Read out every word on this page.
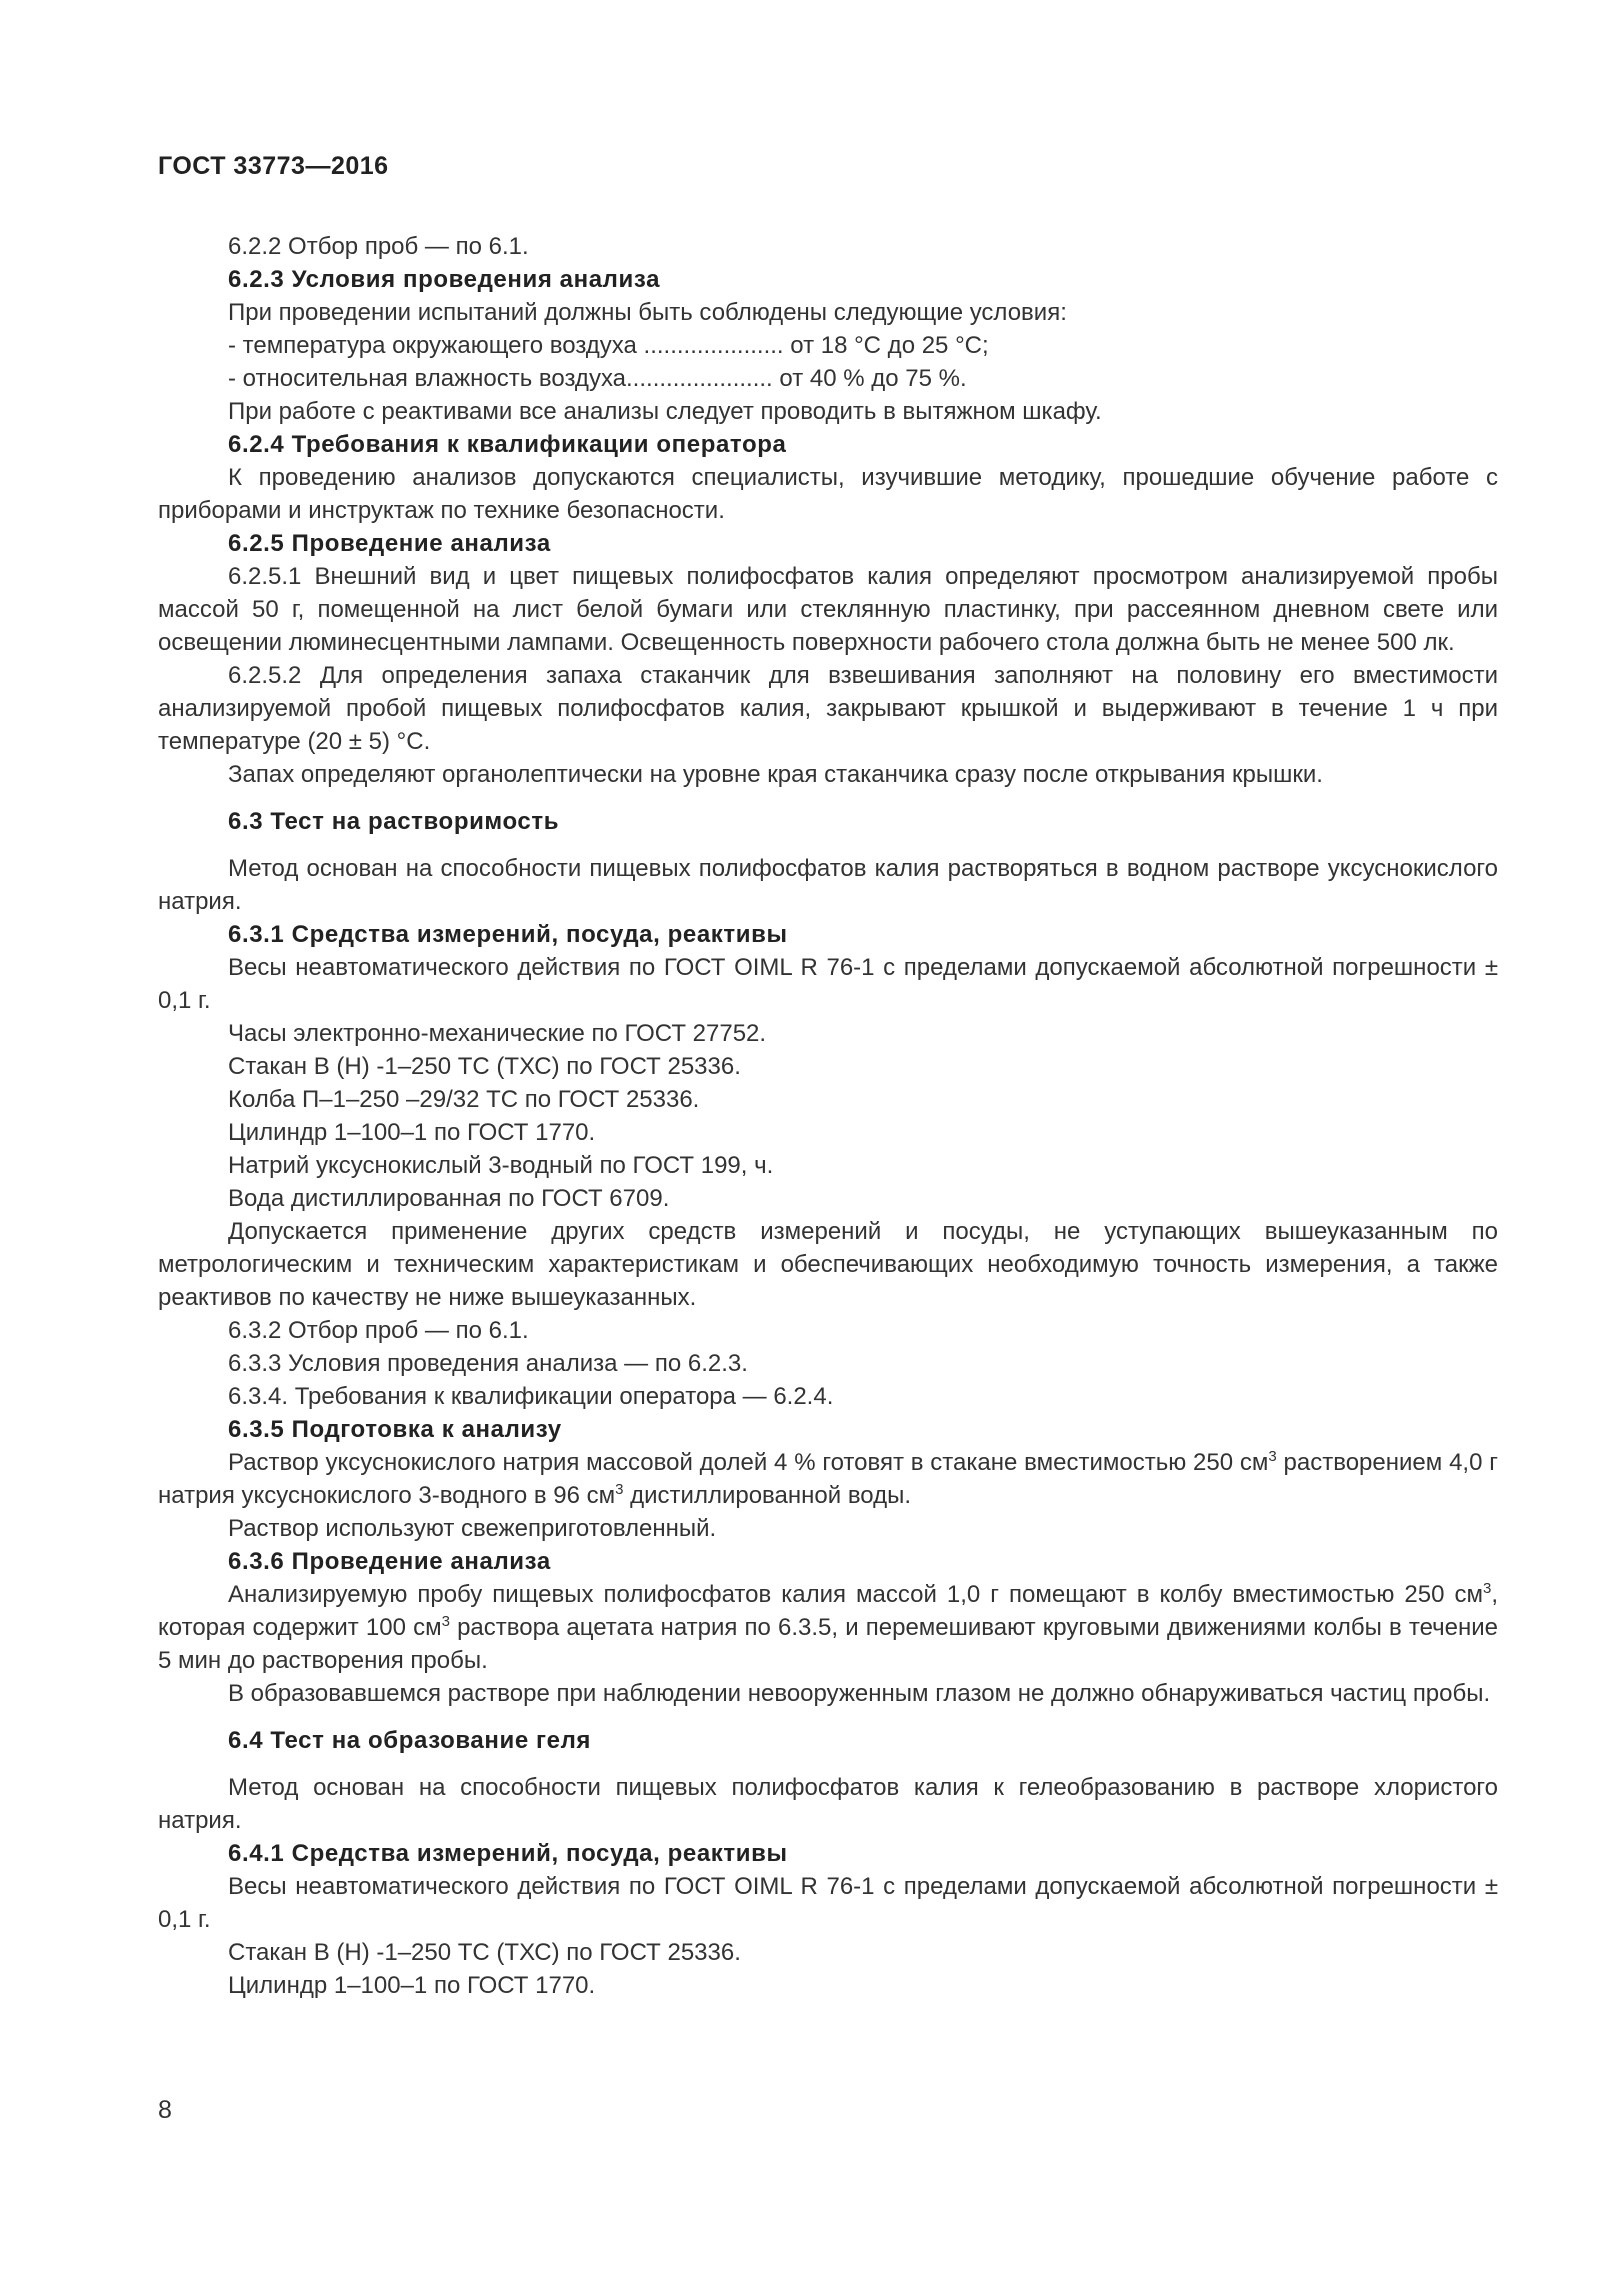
ГОСТ 33773—2016

6.2.2 Отбор проб — по 6.1.

6.2.3 Условия проведения анализа

При проведении испытаний должны быть соблюдены следующие условия:

- температура окружающего воздуха ..................... от 18 °С до 25 °С;

- относительная влажность воздуха...................... от 40 % до 75 %.

При работе с реактивами все анализы следует проводить в вытяжном шкафу.

6.2.4 Требования к квалификации оператора

К проведению анализов допускаются специалисты, изучившие методику, прошедшие обучение работе с приборами и инструктаж по технике безопасности.

6.2.5 Проведение анализа

6.2.5.1 Внешний вид и цвет пищевых полифосфатов калия определяют просмотром анализируемой пробы массой 50 г, помещенной на лист белой бумаги или стеклянную пластинку, при рассеянном дневном свете или освещении люминесцентными лампами. Освещенность поверхности рабочего стола должна быть не менее 500 лк.

6.2.5.2 Для определения запаха стаканчик для взвешивания заполняют на половину его вместимости анализируемой пробой пищевых полифосфатов калия, закрывают крышкой и выдерживают в течение 1 ч при температуре (20 ± 5) °С.

Запах определяют органолептически на уровне края стаканчика сразу после открывания крышки.

6.3 Тест на растворимость

Метод основан на способности пищевых полифосфатов калия растворяться в водном растворе уксуснокислого натрия.

6.3.1 Средства измерений, посуда, реактивы

Весы неавтоматического действия по ГОСТ OIML R 76-1 с пределами допускаемой абсолютной погрешности ± 0,1 г.

Часы электронно-механические по ГОСТ 27752.

Стакан В (Н) -1–250 ТС (ТХС) по ГОСТ 25336.

Колба П–1–250 –29/32 ТС по ГОСТ 25336.

Цилиндр 1–100–1 по ГОСТ 1770.

Натрий уксуснокислый 3-водный по ГОСТ 199, ч.

Вода дистиллированная по ГОСТ 6709.

Допускается применение других средств измерений и посуды, не уступающих вышеуказанным по метрологическим и техническим характеристикам и обеспечивающих необходимую точность измерения, а также реактивов по качеству не ниже вышеуказанных.

6.3.2 Отбор проб — по 6.1.

6.3.3 Условия проведения анализа — по 6.2.3.

6.3.4. Требования к квалификации оператора — 6.2.4.

6.3.5 Подготовка к анализу

Раствор уксуснокислого натрия массовой долей 4 % готовят в стакане вместимостью 250 $см^3$ растворением 4,0 г натрия уксуснокислого 3-водного в 96 $см^3$ дистиллированной воды.

Раствор используют свежеприготовленный.

6.3.6 Проведение анализа

Анализируемую пробу пищевых полифосфатов калия массой 1,0 г помещают в колбу вместимостью 250 $см^3$, которая содержит 100 $см^3$ раствора ацетата натрия по 6.3.5, и перемешивают круговыми движениями колбы в течение 5 мин до растворения пробы.

В образовавшемся растворе при наблюдении невооруженным глазом не должно обнаруживаться частиц пробы.

6.4 Тест на образование геля

Метод основан на способности пищевых полифосфатов калия к гелеобразованию в растворе хлористого натрия.

6.4.1 Средства измерений, посуда, реактивы

Весы неавтоматического действия по ГОСТ OIML R 76-1 с пределами допускаемой абсолютной погрешности ± 0,1 г.

Стакан В (Н) -1–250 ТС (ТХС) по ГОСТ 25336.

Цилиндр 1–100–1 по ГОСТ 1770.

8
